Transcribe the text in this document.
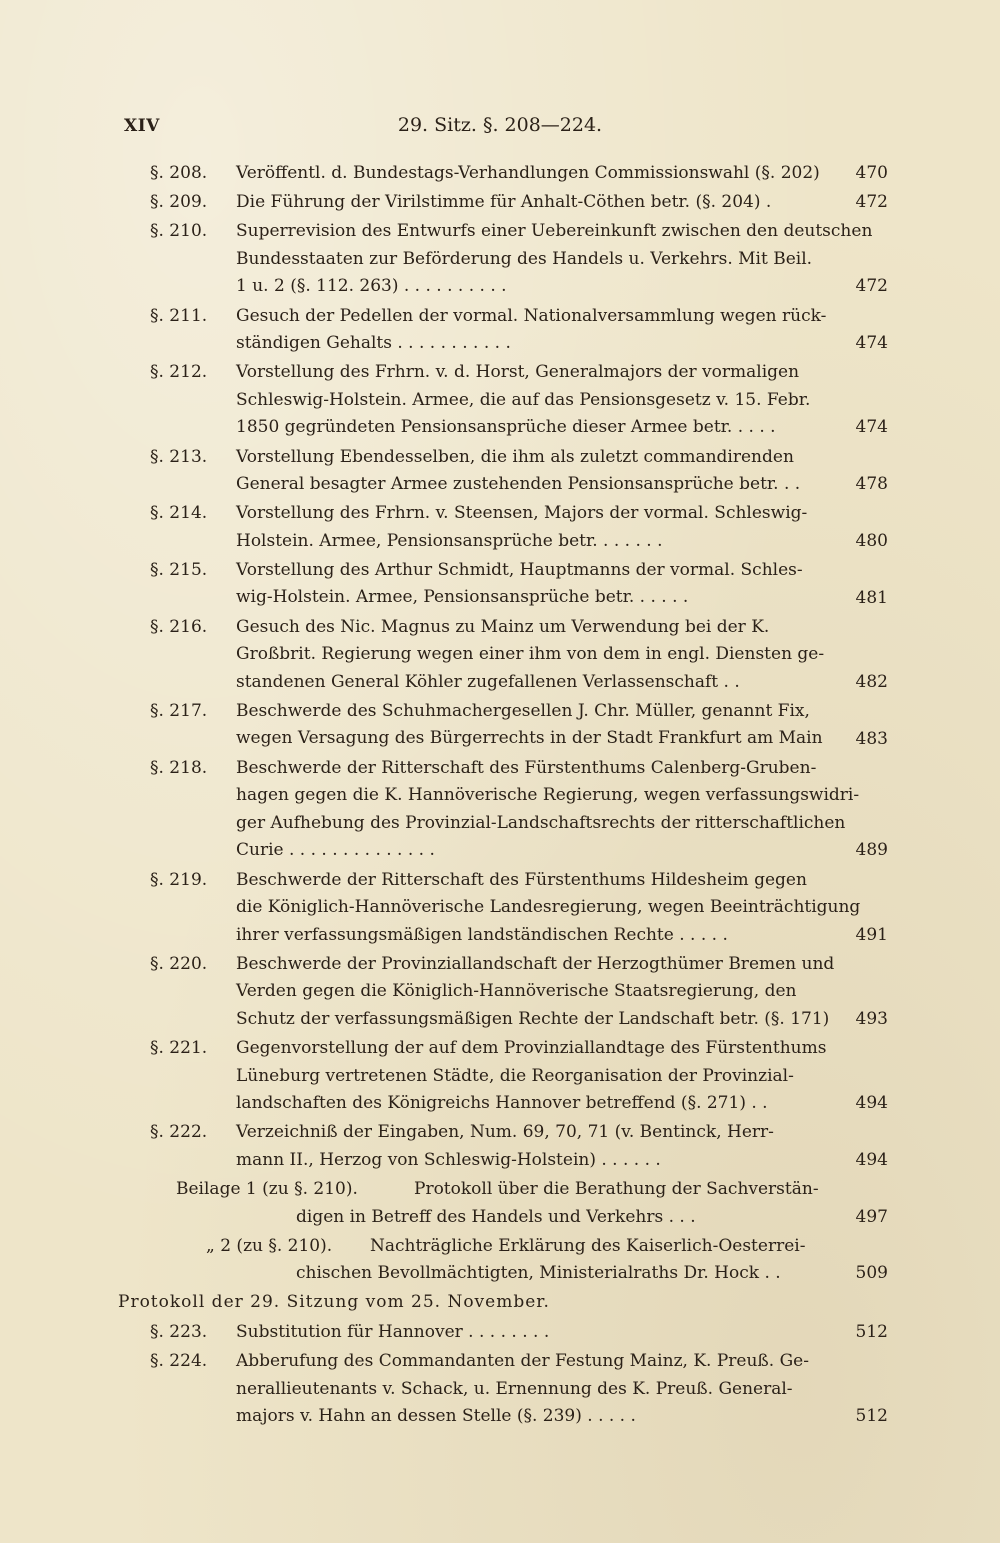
XIV	29. Sitz. §. 208—224.
§. 208. Veröffentl. d. Bundestags-Verhandlungen Commissionswahl (§. 202) 470
§. 209. Die Führung der Virilstimme für Anhalt-Cöthen betr. (§. 204) .	472
§. 210. Superrevision des Entwurfs einer Uebereinkunft zwischen den deutschen
Bundesstaaten zur Beförderung des Handels u. Verkehrs. Mit Beil.
1 u. 2 (§. 112. 263) . . . . . . . . . .	472
§. 211. Gesuch der Pedellen der vormal. Nationalversammlung wegen rück-
ständigen Gehalts . . . . . . . . . . .	474
§. 212. Vorstellung des Frhrn. v. d. Horst, Generalmajors der vormaligen
Schleswig-Holstein. Armee, die auf das Pensionsgesetz v. 15. Febr.
1850 gegründeten Pensionsansprüche dieser Armee betr. . . . .	474
§. 213. Vorstellung Ebendesselben, die ihm als zuletzt commandirenden
General besagter Armee zustehenden Pensionsansprüche betr. . .	478
§. 214. Vorstellung des Frhrn. v. Steensen, Majors der vormal. Schleswig-
Holstein. Armee, Pensionsansprüche betr. . . . . . .	480
§. 215. Vorstellung des Arthur Schmidt, Hauptmanns der vormal. Schles-
wig-Holstein. Armee, Pensionsansprüche betr. . . . . .	481
§. 216. Gesuch des Nic. Magnus zu Mainz um Verwendung bei der K.
Großbrit. Regierung wegen einer ihm von dem in engl. Diensten ge-
standenen General Köhler zugefallenen Verlassenschaft . .	482
§. 217. Beschwerde des Schuhmachergesellen J. Chr. Müller, genannt Fix,
wegen Versagung des Bürgerrechts in der Stadt Frankfurt am Main 483
§. 218. Beschwerde der Ritterschaft des Fürstenthums Calenberg-Gruben-
hagen gegen die K. Hannöverische Regierung, wegen verfassungswidri-
ger Aufhebung des Provinzial-Landschaftsrechts der ritterschaftlichen
Curie . . . . . . . . . . . . . .	489
§. 219. Beschwerde der Ritterschaft des Fürstenthums Hildesheim gegen
die Königlich-Hannöverische Landesregierung, wegen Beeinträchtigung
ihrer verfassungsmäßigen landständischen Rechte . . . . .	491
§. 220. Beschwerde der Provinziallandschaft der Herzogthümer Bremen und
Verden gegen die Königlich-Hannöverische Staatsregierung, den
Schutz der verfassungsmäßigen Rechte der Landschaft betr. (§. 171) 493
§. 221. Gegenvorstellung der auf dem Provinziallandtage des Fürstenthums
Lüneburg vertretenen Städte, die Reorganisation der Provinzial-
landschaften des Königreichs Hannover betreffend (§. 271) . .	494
§. 222. Verzeichniß der Eingaben, Num. 69, 70, 71 (v. Bentinck, Herr-
mann II., Herzog von Schleswig-Holstein) . . . . . .	494
Beilage 1 (zu §. 210).	Protokoll über die Berathung der Sachverstän-
digen in Betreff des Handels und Verkehrs . . .	497
„ 2 (zu §. 210). Nachträgliche Erklärung des Kaiserlich-Oesterrei-
chischen Bevollmächtigten, Ministerialraths Dr. Hock . .	509
Protokoll der 29. Sitzung vom 25. November.
§. 223. Substitution für Hannover . . . . . . . .	512
§. 224. Abberufung des Commandanten der Festung Mainz, K. Preuß. Ge-
nerallieutenants v. Schack, u. Ernennung des K. Preuß. General-
majors v. Hahn an dessen Stelle (§. 239) . . . . .	512
